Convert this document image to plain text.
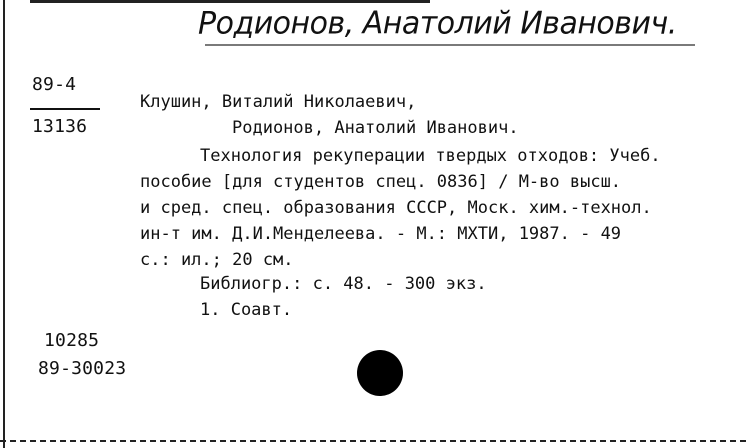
Родионов, Анатолий Иванович.
89-4
13136
Клушин, Виталий Николаевич,
Родионов, Анатолий Иванович.
Технология рекуперации твердых отходов: Учеб.
пособие [для студентов спец. 0836] / М-во высш.
и сред. спец. образования СССР, Моск. хим.-технол.
ин-т им. Д.И.Менделеева. - М.: МХТИ, 1987. - 49
с.: ил.; 20 см.
Библиогр.: с. 48. - 300 экз.
1. Соавт.
10285
89-30023
